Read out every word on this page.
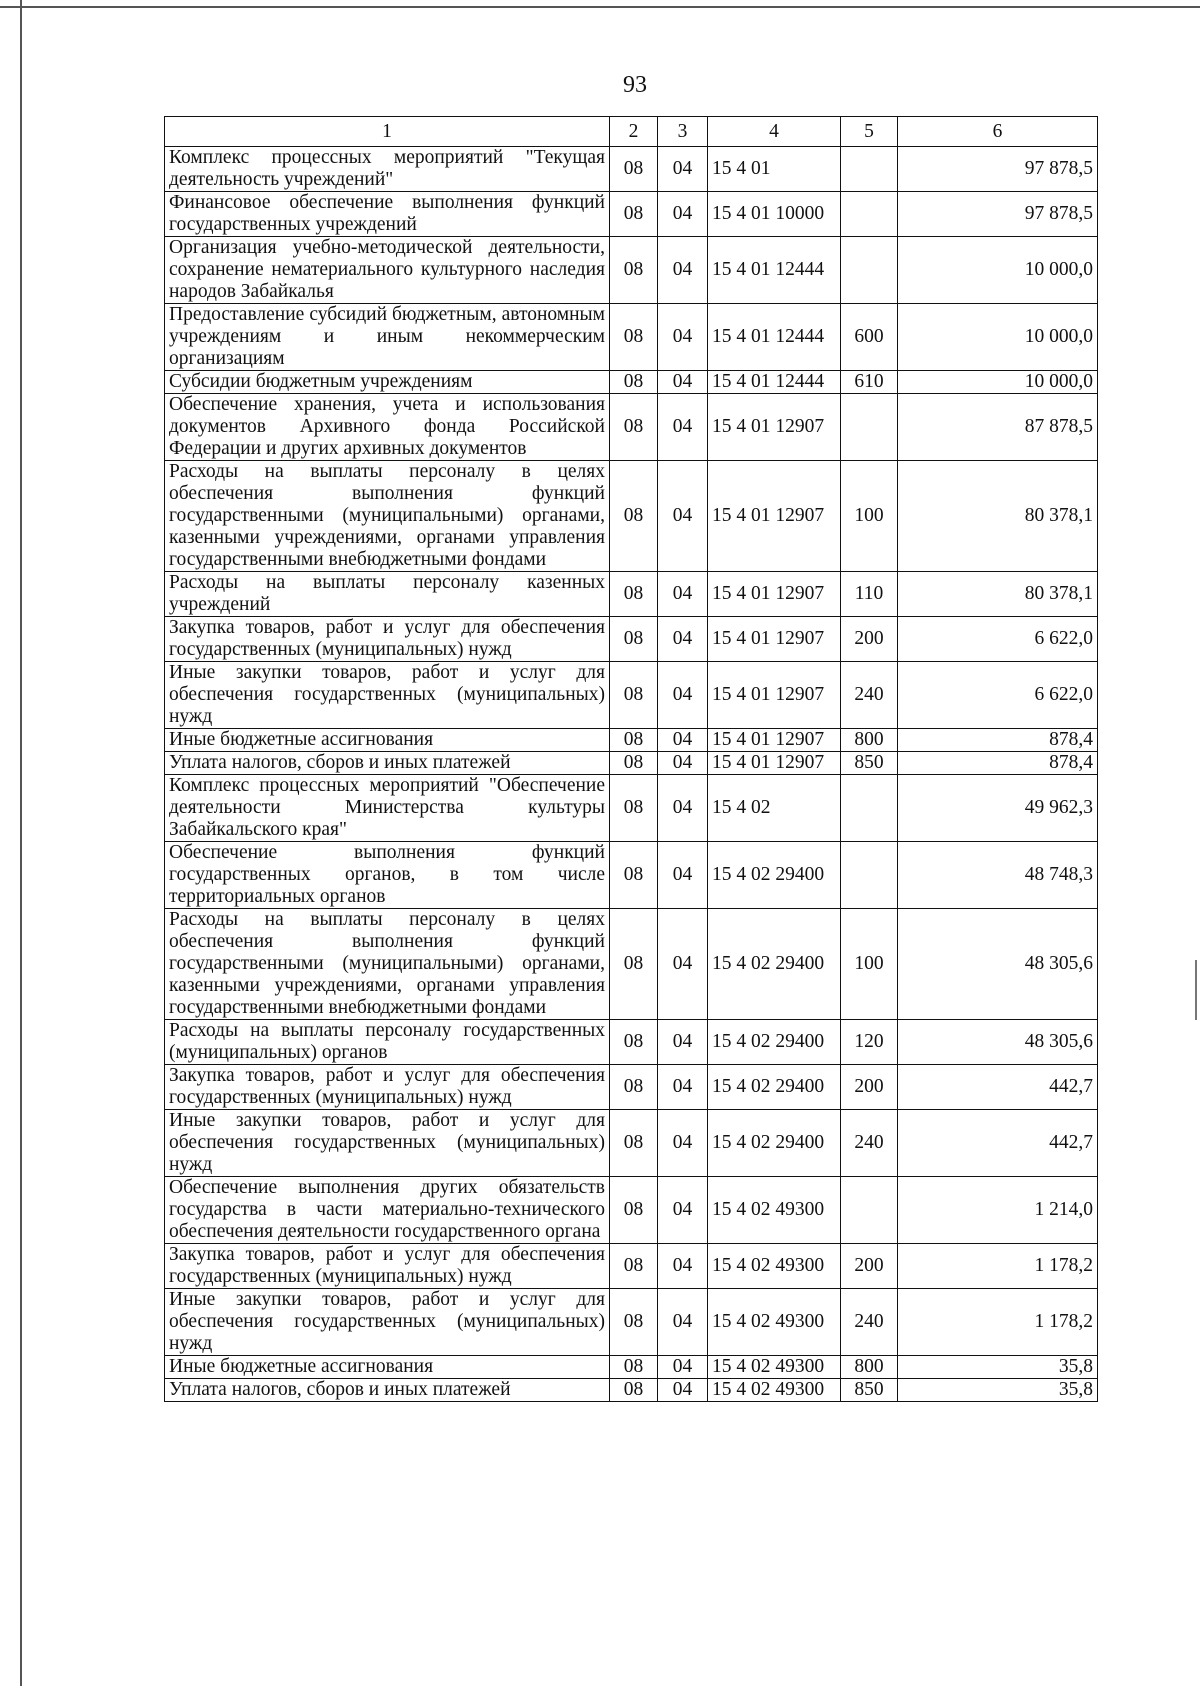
93
1	2	3	4	5	6
Комплекс процессных мероприятий "Текущая деятельность учреждений"	08	04	15 4 01		97 878,5
Финансовое обеспечение выполнения функций государственных учреждений	08	04	15 4 01 10000		97 878,5
Организация учебно-методической деятельности, сохранение нематериального культурного наследия народов Забайкалья	08	04	15 4 01 12444		10 000,0
Предоставление субсидий бюджетным, автономным учреждениям и иным некоммерческим организациям	08	04	15 4 01 12444	600	10 000,0
Субсидии бюджетным учреждениям	08	04	15 4 01 12444	610	10 000,0
Обеспечение хранения, учета и использования документов Архивного фонда Российской Федерации и других архивных документов	08	04	15 4 01 12907		87 878,5
Расходы на выплаты персоналу в целях обеспечения выполнения функций государственными (муниципальными) органами, казенными учреждениями, органами управления государственными внебюджетными фондами	08	04	15 4 01 12907	100	80 378,1
Расходы на выплаты персоналу казенных учреждений	08	04	15 4 01 12907	110	80 378,1
Закупка товаров, работ и услуг для обеспечения государственных (муниципальных) нужд	08	04	15 4 01 12907	200	6 622,0
Иные закупки товаров, работ и услуг для обеспечения государственных (муниципальных) нужд	08	04	15 4 01 12907	240	6 622,0
Иные бюджетные ассигнования	08	04	15 4 01 12907	800	878,4
Уплата налогов, сборов и иных платежей	08	04	15 4 01 12907	850	878,4
Комплекс процессных мероприятий "Обеспечение деятельности Министерства культуры Забайкальского края"	08	04	15 4 02		49 962,3
Обеспечение выполнения функций государственных органов, в том числе территориальных органов	08	04	15 4 02 29400		48 748,3
Расходы на выплаты персоналу в целях обеспечения выполнения функций государственными (муниципальными) органами, казенными учреждениями, органами управления государственными внебюджетными фондами	08	04	15 4 02 29400	100	48 305,6
Расходы на выплаты персоналу государственных (муниципальных) органов	08	04	15 4 02 29400	120	48 305,6
Закупка товаров, работ и услуг для обеспечения государственных (муниципальных) нужд	08	04	15 4 02 29400	200	442,7
Иные закупки товаров, работ и услуг для обеспечения государственных (муниципальных) нужд	08	04	15 4 02 29400	240	442,7
Обеспечение выполнения других обязательств государства в части материально-технического обеспечения деятельности государственного органа	08	04	15 4 02 49300		1 214,0
Закупка товаров, работ и услуг для обеспечения государственных (муниципальных) нужд	08	04	15 4 02 49300	200	1 178,2
Иные закупки товаров, работ и услуг для обеспечения государственных (муниципальных) нужд	08	04	15 4 02 49300	240	1 178,2
Иные бюджетные ассигнования	08	04	15 4 02 49300	800	35,8
Уплата налогов, сборов и иных платежей	08	04	15 4 02 49300	850	35,8
